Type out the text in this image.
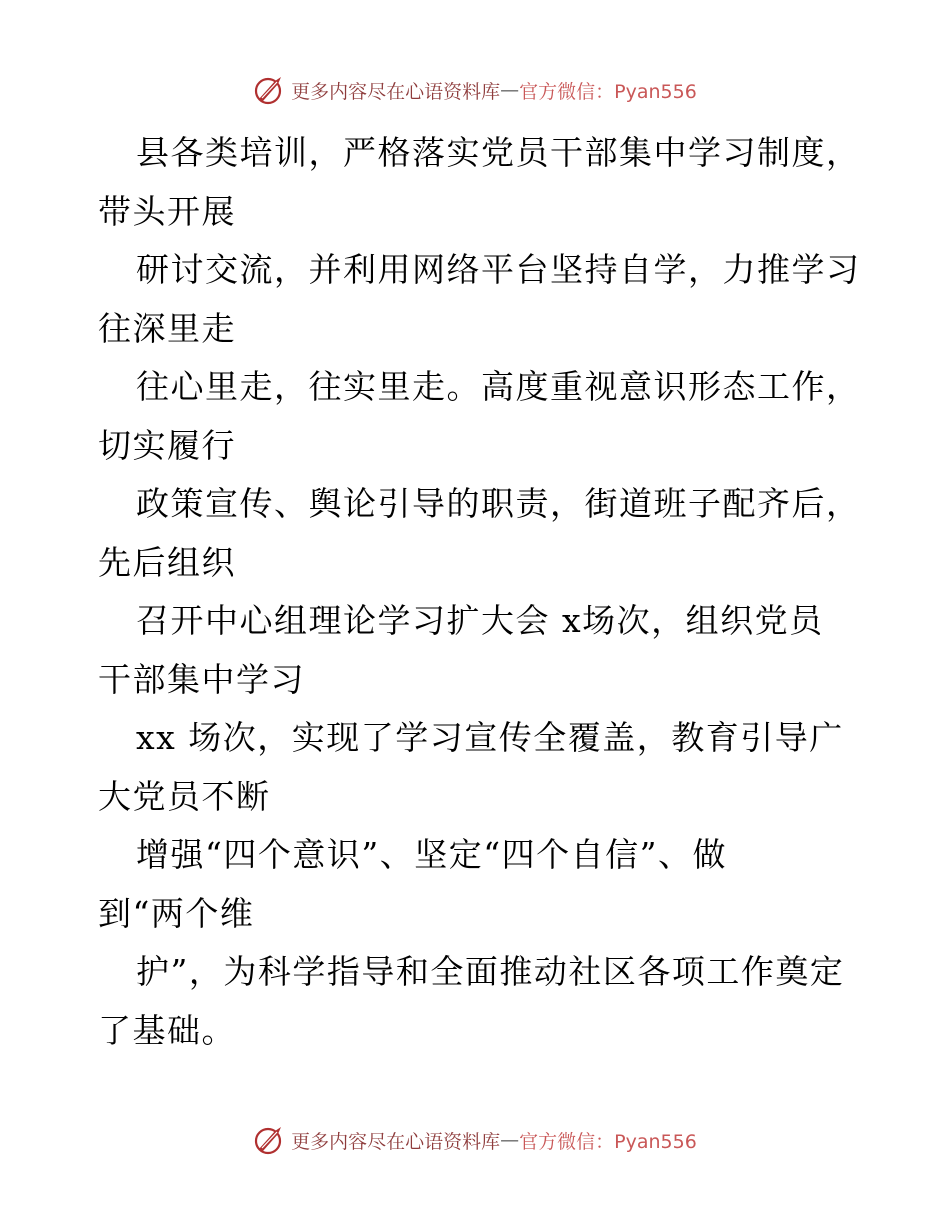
更多内容尽在心语资料库 — 官方微信：Pyan556
县各类培训，严格落实党员干部集中学习制度，
带头开展
研讨交流，并利用网络平台坚持自学，力推学习
往深里走
往心里走，往实里走。高度重视意识形态工作，
切实履行
政策宣传、舆论引导的职责，街道班子配齐后，
先后组织
召开中心组理论学习扩大会 x场次，组织党员
干部集中学习
xx 场次，实现了学习宣传全覆盖，教育引导广
大党员不断
增强“四个意识”、坚定“四个自信”、做
到“两个维
护”，为科学指导和全面推动社区各项工作奠定
了基础。
更多内容尽在心语资料库 — 官方微信：Pyan556
